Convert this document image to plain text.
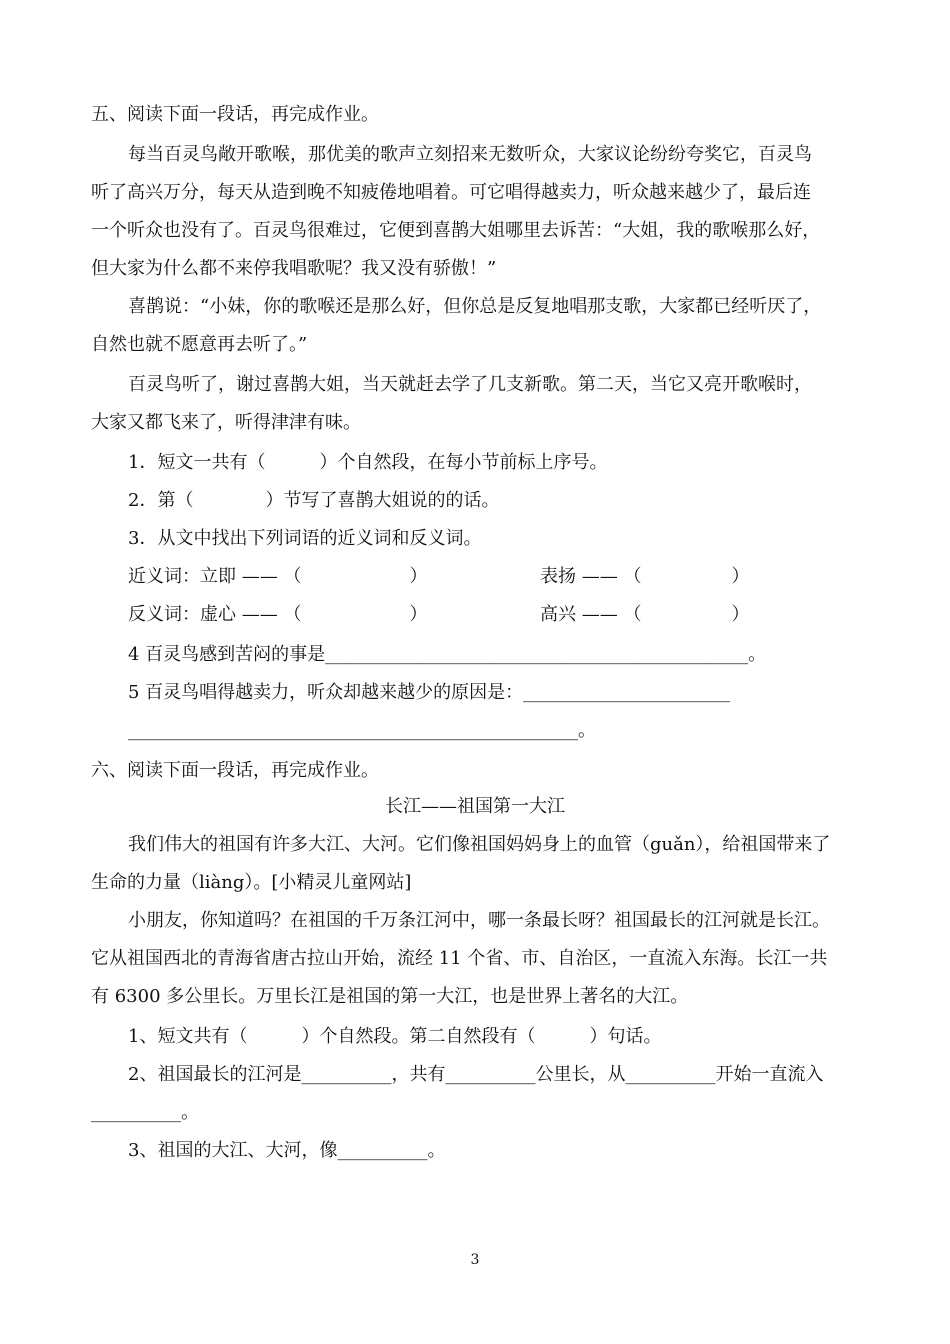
五、阅读下面一段话，再完成作业。
每当百灵鸟敞开歌喉，那优美的歌声立刻招来无数听众，大家议论纷纷夸奖它，百灵鸟
听了高兴万分，每天从造到晚不知疲倦地唱着。可它唱得越卖力，听众越来越少了，最后连
一个听众也没有了。百灵鸟很难过，它便到喜鹊大姐哪里去诉苦：“大姐，我的歌喉那么好，
但大家为什么都不来停我唱歌呢？我又没有骄傲！”
喜鹊说：“小妹，你的歌喉还是那么好，但你总是反复地唱那支歌，大家都已经听厌了，
自然也就不愿意再去听了。”
百灵鸟听了，谢过喜鹊大姐，当天就赶去学了几支新歌。第二天，当它又亮开歌喉时，
大家又都飞来了，听得津津有味。
1．短文一共有（　　　）个自然段，在每小节前标上序号。
2．第（　　　　）节写了喜鹊大姐说的的话。
3．从文中找出下列词语的近义词和反义词。
近义词：立即 —— （　　　　　　）	表扬 —— （　　　　　）
反义词：虚心 —— （　　　　　　）	高兴 —— （　　　　　）
4 百灵鸟感到苦闷的事是_______________________________________________。
5 百灵鸟唱得越卖力，听众却越来越少的原因是：_______________________
__________________________________________________。
六、阅读下面一段话，再完成作业。
长江——祖国第一大江
我们伟大的祖国有许多大江、大河。它们像祖国妈妈身上的血管（guǎn），给祖国带来了
生命的力量（liàng）。[小精灵儿童网站]
小朋友，你知道吗？在祖国的千万条江河中，哪一条最长呀？祖国最长的江河就是长江。
它从祖国西北的青海省唐古拉山开始，流经 11 个省、市、自治区，一直流入东海。长江一共
有 6300 多公里长。万里长江是祖国的第一大江，也是世界上著名的大江。
1、短文共有（　　　）个自然段。第二自然段有（　　　）句话。
2、祖国最长的江河是__________，共有__________公里长，从__________开始一直流入
__________。
3、祖国的大江、大河，像__________。
3
